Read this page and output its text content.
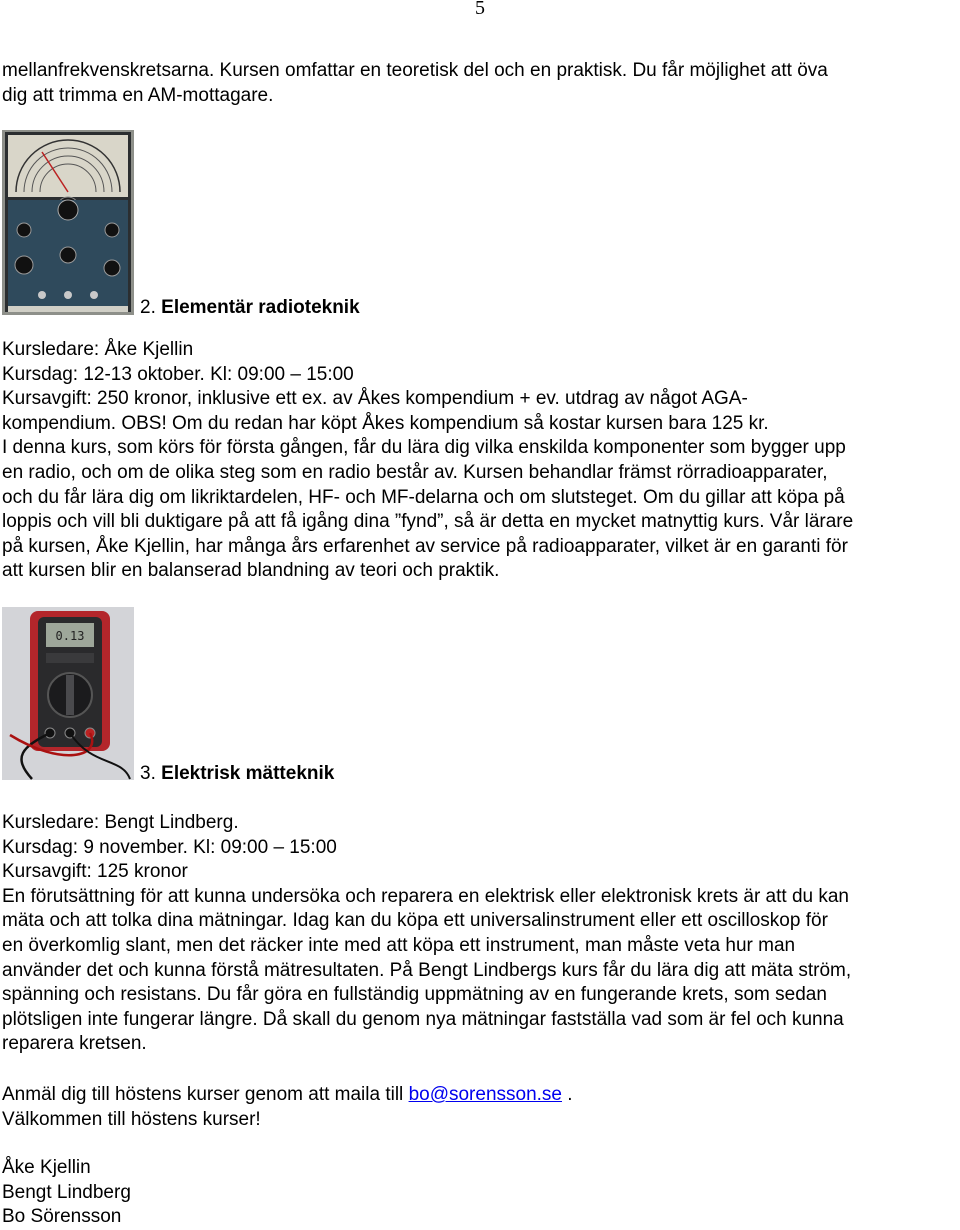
5
mellanfrekvenskretsarna. Kursen omfattar en teoretisk del och en praktisk. Du får möjlighet att öva
dig att trimma en AM-mottagare.
2. Elementär radioteknik
Kursledare: Åke Kjellin
Kursdag: 12-13 oktober. Kl: 09:00 – 15:00
Kursavgift: 250 kronor, inklusive ett ex. av Åkes kompendium + ev. utdrag av något AGA-
kompendium. OBS! Om du redan har köpt Åkes kompendium så kostar kursen bara 125 kr.
I denna kurs, som körs för första gången, får du lära dig vilka enskilda komponenter som bygger upp
en radio, och om de olika steg som en radio består av. Kursen behandlar främst rörradioapparater,
och du får lära dig om likriktardelen, HF- och MF-delarna och om slutsteget. Om du gillar att köpa på
loppis och vill bli duktigare på att få igång dina ”fynd”, så är detta en mycket matnyttig kurs. Vår lärare
på kursen, Åke Kjellin, har många års erfarenhet av service på radioapparater, vilket är en garanti för
att kursen blir en balanserad blandning av teori och praktik.
0.13
3. Elektrisk mätteknik
Kursledare: Bengt Lindberg.
Kursdag: 9 november. Kl: 09:00 – 15:00
Kursavgift: 125 kronor
En förutsättning för att kunna undersöka och reparera en elektrisk eller elektronisk krets är att du kan
mäta och att tolka dina mätningar. Idag kan du köpa ett universalinstrument eller ett oscilloskop för
en överkomlig slant, men det räcker inte med att köpa ett instrument, man måste veta hur man
använder det och kunna förstå mätresultaten. På Bengt Lindbergs kurs får du lära dig att mäta ström,
spänning och resistans. Du får göra en fullständig uppmätning av en fungerande krets, som sedan
plötsligen inte fungerar längre. Då skall du genom nya mätningar fastställa vad som är fel och kunna
reparera kretsen.
Anmäl dig till höstens kurser genom att maila till bo@sorensson.se .
Välkommen till höstens kurser!
Åke Kjellin
Bengt Lindberg
Bo Sörensson
